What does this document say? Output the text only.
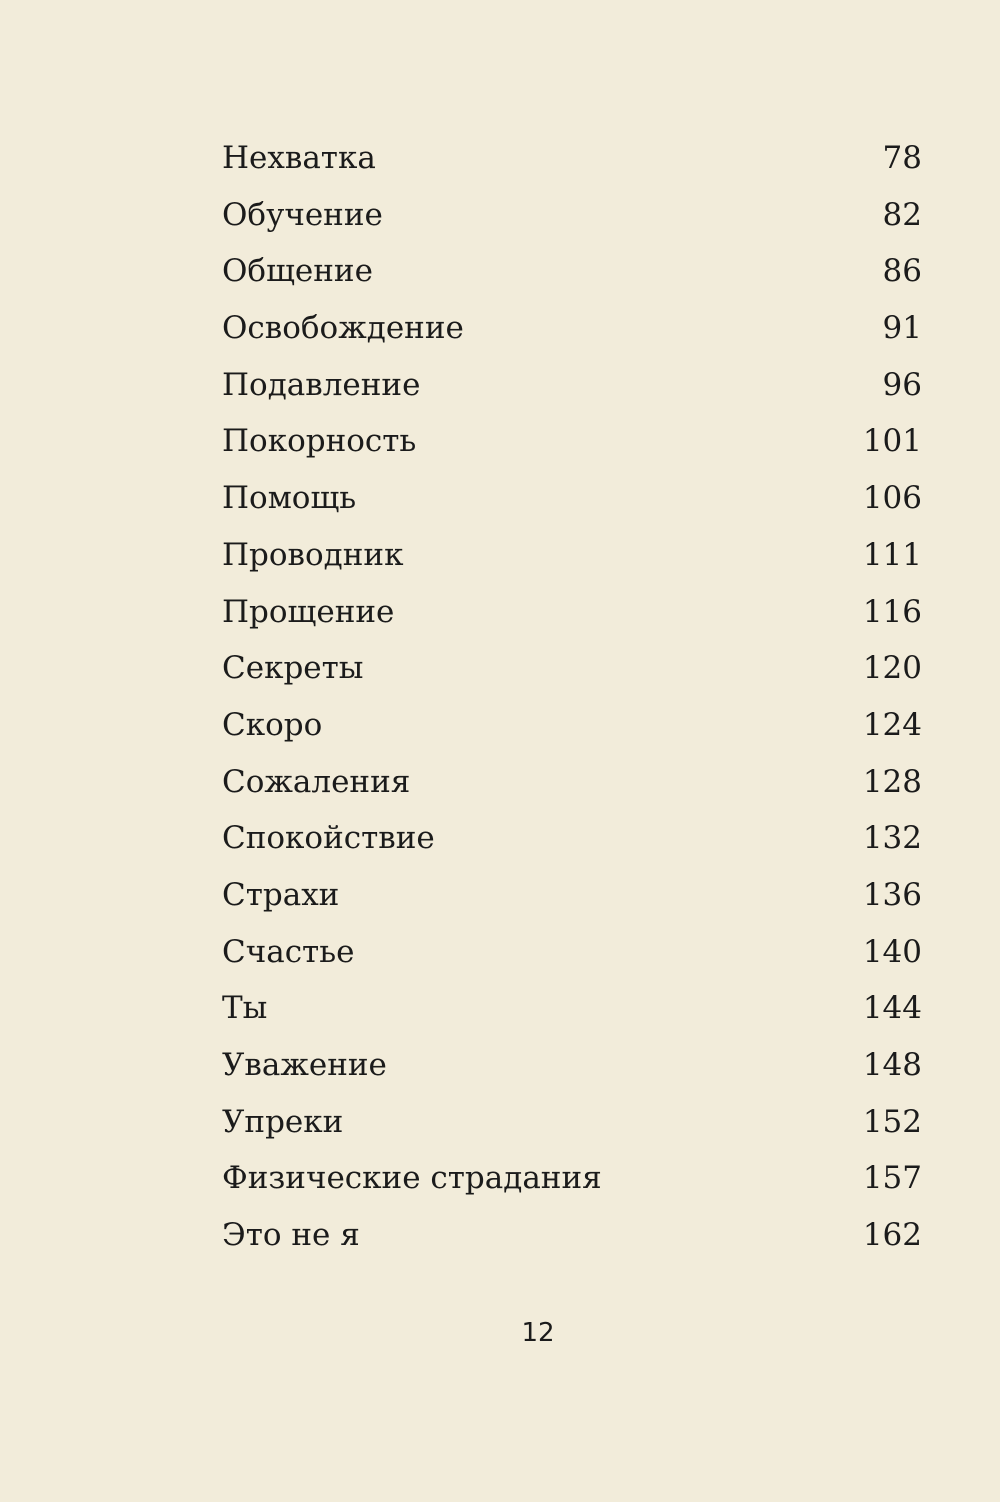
Нехватка	78
Обучение	82
Общение	86
Освобождение	91
Подавление	96
Покорность	101
Помощь	106
Проводник	111
Прощение	116
Секреты	120
Скоро	124
Сожаления	128
Спокойствие	132
Страхи	136
Счастье	140
Ты	144
Уважение	148
Упреки	152
Физические страдания	157
Это не я	162
12
